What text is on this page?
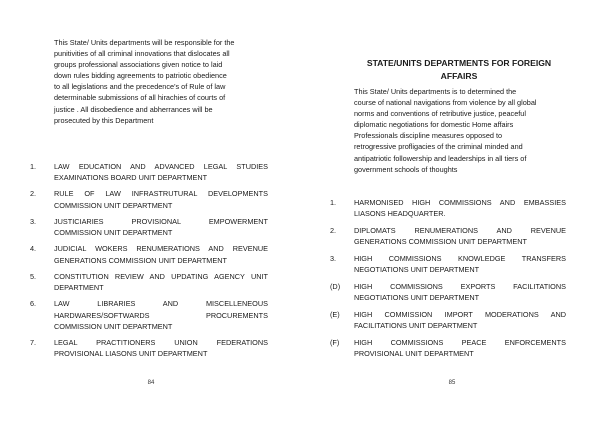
This State/ Units departments will be responsible for the
punitivities of all criminal innovations that dislocates all
groups professional associations given notice to laid
down rules bidding agreements to patriotic obedience
to all legislations and the precedence's of Rule of law
determinable submissions of all hirachies of courts of
justice . All disobedience and abherrances will be
prosecuted by this Department
1. LAW EDUCATION AND ADVANCED LEGAL STUDIES
EXAMINATIONS BOARD UNIT DEPARTMENT
2. RULE OF LAW INFRASTRUTURAL DEVELOPMENTS
COMMISSION UNIT DEPARTMENT
3. JUSTICIARIES PROVISIONAL EMPOWERMENT
COMMISSION UNIT DEPARTMENT
4. JUDICIAL WOKERS RENUMERATIONS AND REVENUE
GENERATIONS COMMISSION UNIT DEPARTMENT
5. CONSTITUTION REVIEW AND UPDATING AGENCY UNIT
DEPARTMENT
6. LAW LIBRARIES AND MISCELLENEOUS
HARDWARES/SOFTWARDS PROCUREMENTS
COMMISSION UNIT DEPARTMENT
7. LEGAL PRACTITIONERS UNION FEDERATIONS
PROVISIONAL LIASONS UNIT DEPARTMENT
84
STATE/UNITS DEPARTMENTS FOR FOREIGN
AFFAIRS
This State/ Units departments is to determined the
course of national navigations from violence by all global
norms and conventions of retributive justice, peaceful
diplomatic negotiations for domestic Home affairs
Professionals discipline measures opposed to
retrogressive profligacies of the criminal minded and
antipatriotic followership and leaderships in all tiers of
government schools of thoughts
1. HARMONISED HIGH COMMISSIONS AND EMBASSIES
LIASONS HEADQUARTER.
2. DIPLOMATS RENUMERATIONS AND REVENUE
GENERATIONS COMMISSION UNIT DEPARTMENT
3. HIGH COMMISSIONS KNOWLEDGE TRANSFERS
NEGOTIATIONS UNIT DEPARTMENT
(D) HIGH COMMISSIONS EXPORTS FACILITATIONS
NEGOTIATIONS UNIT DEPARTMENT
(E) HIGH COMMISSION IMPORT MODERATIONS AND
FACILITATIONS UNIT DEPARTMENT
(F) HIGH COMMISSIONS PEACE ENFORCEMENTS
PROVISIONAL UNIT DEPARTMENT
85
